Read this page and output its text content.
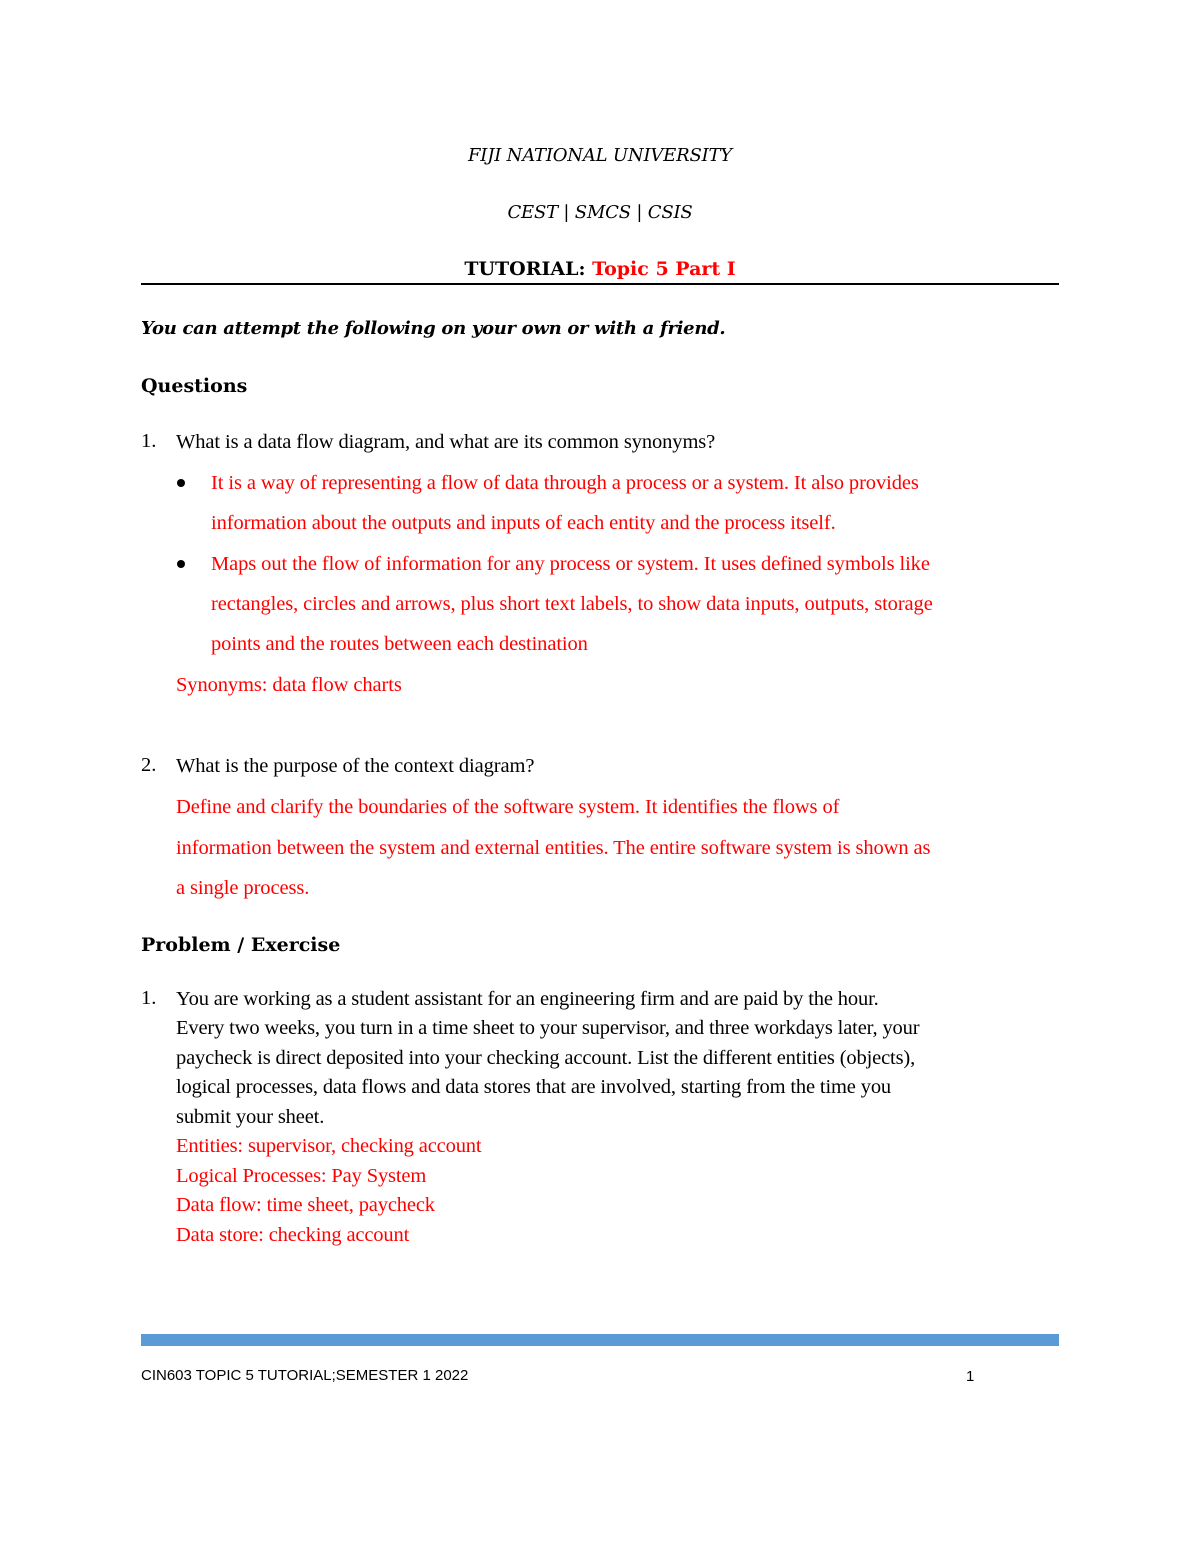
FIJI NATIONAL UNIVERSITY
CEST | SMCS | CSIS
TUTORIAL: Topic 5 Part I
You can attempt the following on your own or with a friend.
Questions
1. What is a data flow diagram, and what are its common synonyms?
It is a way of representing a flow of data through a process or a system. It also provides
information about the outputs and inputs of each entity and the process itself.
Maps out the flow of information for any process or system. It uses defined symbols like
rectangles, circles and arrows, plus short text labels, to show data inputs, outputs, storage
points and the routes between each destination
Synonyms: data flow charts
2. What is the purpose of the context diagram?
Define and clarify the boundaries of the software system. It identifies the flows of
information between the system and external entities. The entire software system is shown as
a single process.
Problem / Exercise
1. You are working as a student assistant for an engineering firm and are paid by the hour.
Every two weeks, you turn in a time sheet to your supervisor, and three workdays later, your
paycheck is direct deposited into your checking account. List the different entities (objects),
logical processes, data flows and data stores that are involved, starting from the time you
submit your sheet.
Entities: supervisor, checking account
Logical Processes: Pay System
Data flow: time sheet, paycheck
Data store: checking account
CIN603 TOPIC 5 TUTORIAL;SEMESTER 1 2022	1
